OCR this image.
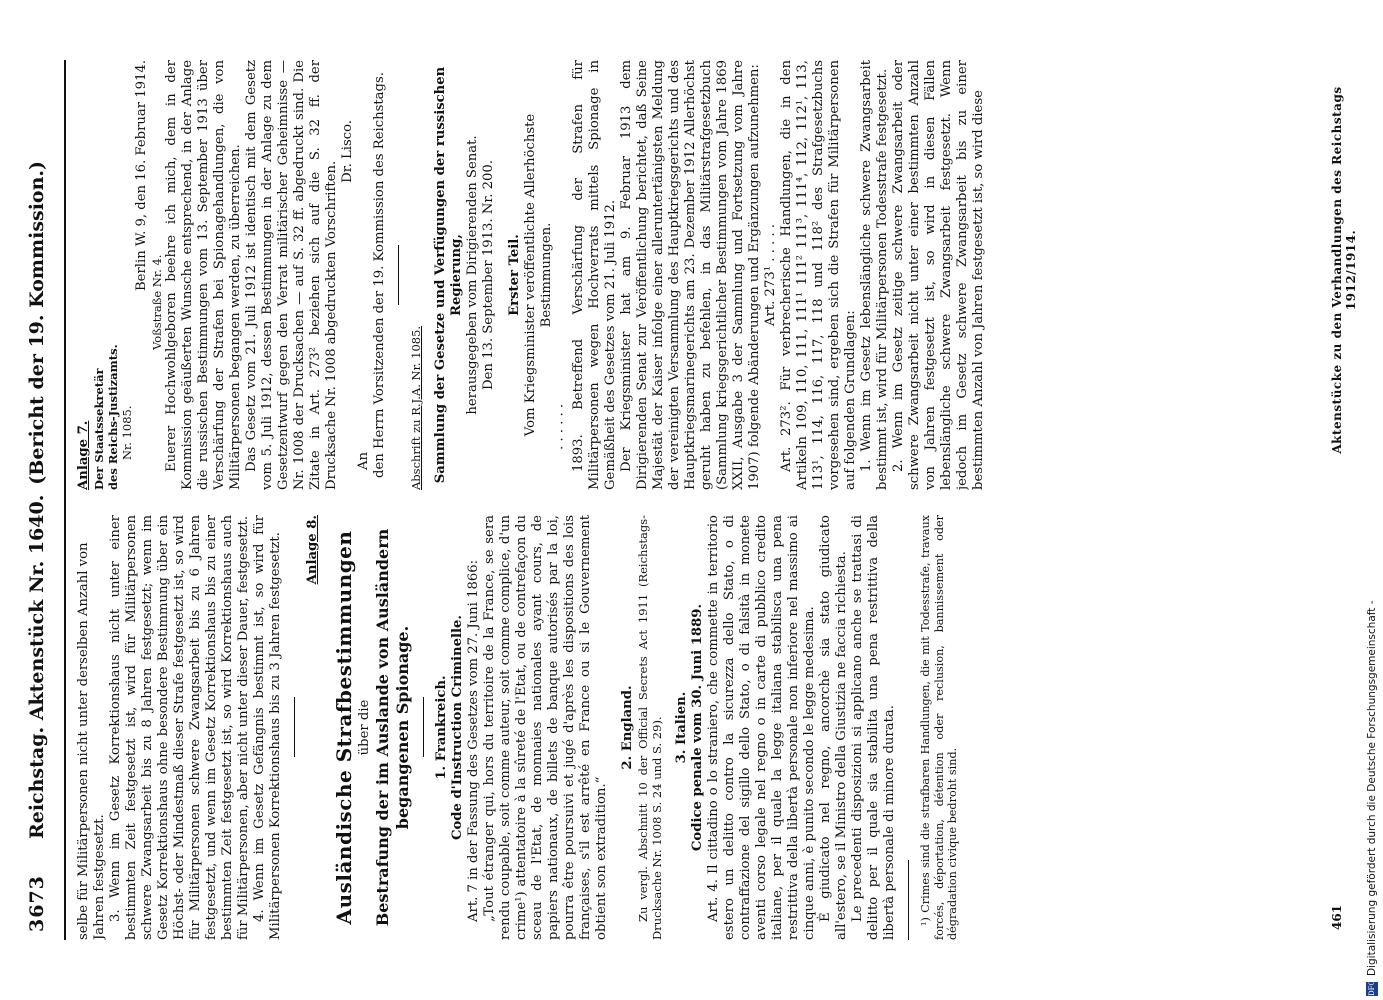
3673
Reichstag. Aktenstück Nr. 1640.(Bericht der 19. Kommission.)

selbe für Militärpersonen nicht unter derselben Anzahl von Jahren festgesetzt. 3. Wenn im Gesetz Korrektionshaus nicht unter einer bestimmten Zeit festgesetzt ist, wird für Militärpersonen schwere Zwangsarbeit bis zu 8 Jahren festgesetzt; wenn im Gesetz Korrektionshaus ohne besondere Bestimmung über ein Höchst- oder Mindestmaß dieser Strafe festgesetzt ist, so wird für Militärpersonen schwere Zwangsarbeit bis zu 6 Jahren festgesetzt, und wenn im Gesetz Korrektionshaus bis zu einer bestimmten Zeit festgesetzt ist, so wird Korrektionshaus auch für Militärpersonen, aber nicht unter dieser Dauer, festgesetzt. 4. Wenn im Gesetz Gefängnis bestimmt ist, so wird für Militärpersonen Korrektionshaus bis zu 3 Jahren festgesetzt. Anlage 8. Ausländische Strafbestimmungen über die Bestrafung der im Auslande von Ausländern begangenen Spionage. 1. Frankreich. Code d'Instruction Criminelle. Art. 7 in der Fassung des Gesetzes vom 27. Juni 1866: „Tout étranger qui, hors du territoire de la France, se sera rendu coupable, soit comme auteur, soit comme complice, d'un crime¹) attentatoire à la sûreté de l'Etat, ou de contrefaçon du sceau de l'Etat, de monnaies nationales ayant cours, de papiers nationaux, de billets de banque autorisés par la loi, pourra être poursuivi et jugé d'après les dispositions des lois françaises, s'il est arrêté en France ou si le Gouvernement obtient son extradition.“

2. England. Zu vergl. Abschnitt 10 der Official Secrets Act 1911 (Reichstags-Drucksache Nr. 1008 S. 24 und S. 29). 3. Italien. Codice penale vom 30. Juni 1889. Art. 4. Il cittadino o lo straniero, che commette in territorio estero un delitto contro la sicurezza dello Stato, o di contraffazione del sigillo dello Stato, o di falsità in monete aventi corso legale nel regno o in carte di pubblico credito italiane, per il quale la legge italiana stabilisca una pena restrittiva della libertà personale non inferiore nel massimo ai cinque anni, è punito secondo le legge medesima. È giudicato nel regno, ancorchè sia stato giudicato all'estero, se il Ministro della Giustizia ne faccia richiesta. Le precedenti disposizioni si applicano anche se trattasi di delitto per il quale sia stabilita una pena restrittiva della libertà personale di minore durata. ¹) Crimes sind die strafbaren Handlungen, die mit Todesstrafe, travaux forcés, déportation, détention oder reclusion, bannissement oder dégradation civique bedroht sind.

Anlage 7. Der Staatssekretär des Reichs-Justizamts. Nr. 1085.

Berlin W. 9, den 16. Februar 1914.

Voßstraße Nr. 4. Euerer Hochwohlgeboren beehre ich mich, dem in der Kommission geäußerten Wunsche entsprechend, in der Anlage die russischen Bestimmungen vom 13. September 1913 über Verschärfung der Strafen bei Spionagehandlungen, die von Militärpersonen begangen werden, zu überreichen. Das Gesetz vom 21. Juli 1912 ist identisch mit dem Gesetz vom 5. Juli 1912, dessen Bestimmungen in der Anlage zu dem Gesetzentwurf gegen den Verrat militärischer Geheimnisse — Nr. 1008 der Drucksachen — auf S. 32 ff. abgedruckt sind. Die Zitate in Art. 273² beziehen sich auf die S. 32 ff. der Drucksache Nr. 1008 abgedruckten Vorschriften.

Dr. Lisco.

An den Herrn Vorsitzenden der 19. Kommission des Reichstags. Abschrift zu R.J.A. Nr. 1085. Sammlung der Gesetze und Verfügungen der russischen Regierung, herausgegeben vom Dirigierenden Senat. Den 13. September 1913. Nr. 200. Erster Teil. Vom Kriegsminister veröffentlichte Allerhöchste Bestimmungen.

· · · · · · 1893. Betreffend Verschärfung der Strafen für Militärpersonen wegen Hochverrats mittels Spionage in Gemäßheit des Gesetzes vom 21. Juli 1912. Der Kriegsminister hat am 9. Februar 1913 dem Dirigierenden Senat zur Veröffentlichung berichtet, daß Seine Majestät der Kaiser infolge einer alleruntertänigsten Meldung der vereinigten Versammlung des Hauptkriegsgerichts und des Hauptkriegsmarinegerichts am 23. Dezember 1912 Allerhöchst geruht haben zu befehlen, in das Militärstrafgesetzbuch (Sammlung kriegsgerichtlicher Bestimmungen vom Jahre 1869 XXII, Ausgabe 3 der Sammlung und Fortsetzung vom Jahre 1907) folgende Abänderungen und Ergänzungen aufzunehmen: Art. 273¹ . . . . . Art. 273². Für verbrecherische Handlungen, die in den Artikeln 109, 110, 111, 111¹ 111² 111³, 111⁴, 112, 112¹, 113, 113¹, 114, 116, 117, 118 und 118² des Strafgesetzbuchs vorgesehen sind, ergeben sich die Strafen für Militärpersonen auf folgenden Grundlagen: 1. Wenn im Gesetz lebenslängliche schwere Zwangsarbeit bestimmt ist, wird für Militärpersonen Todesstrafe festgesetzt. 2. Wenn im Gesetz zeitige schwere Zwangsarbeit oder schwere Zwangsarbeit nicht unter einer bestimmten Anzahl von Jahren festgesetzt ist, so wird in diesen Fällen lebenslängliche schwere Zwangsarbeit festgesetzt. Wenn jedoch im Gesetz schwere Zwangsarbeit bis zu einer bestimmten Anzahl von Jahren festgesetzt ist, so wird diese

461
Aktenstücke zu den Verhandlungen des Reichstags 1912/1914.
Digitalisierung gefördert durch die Deutsche Forschungsgemeinschaft -
DFG
